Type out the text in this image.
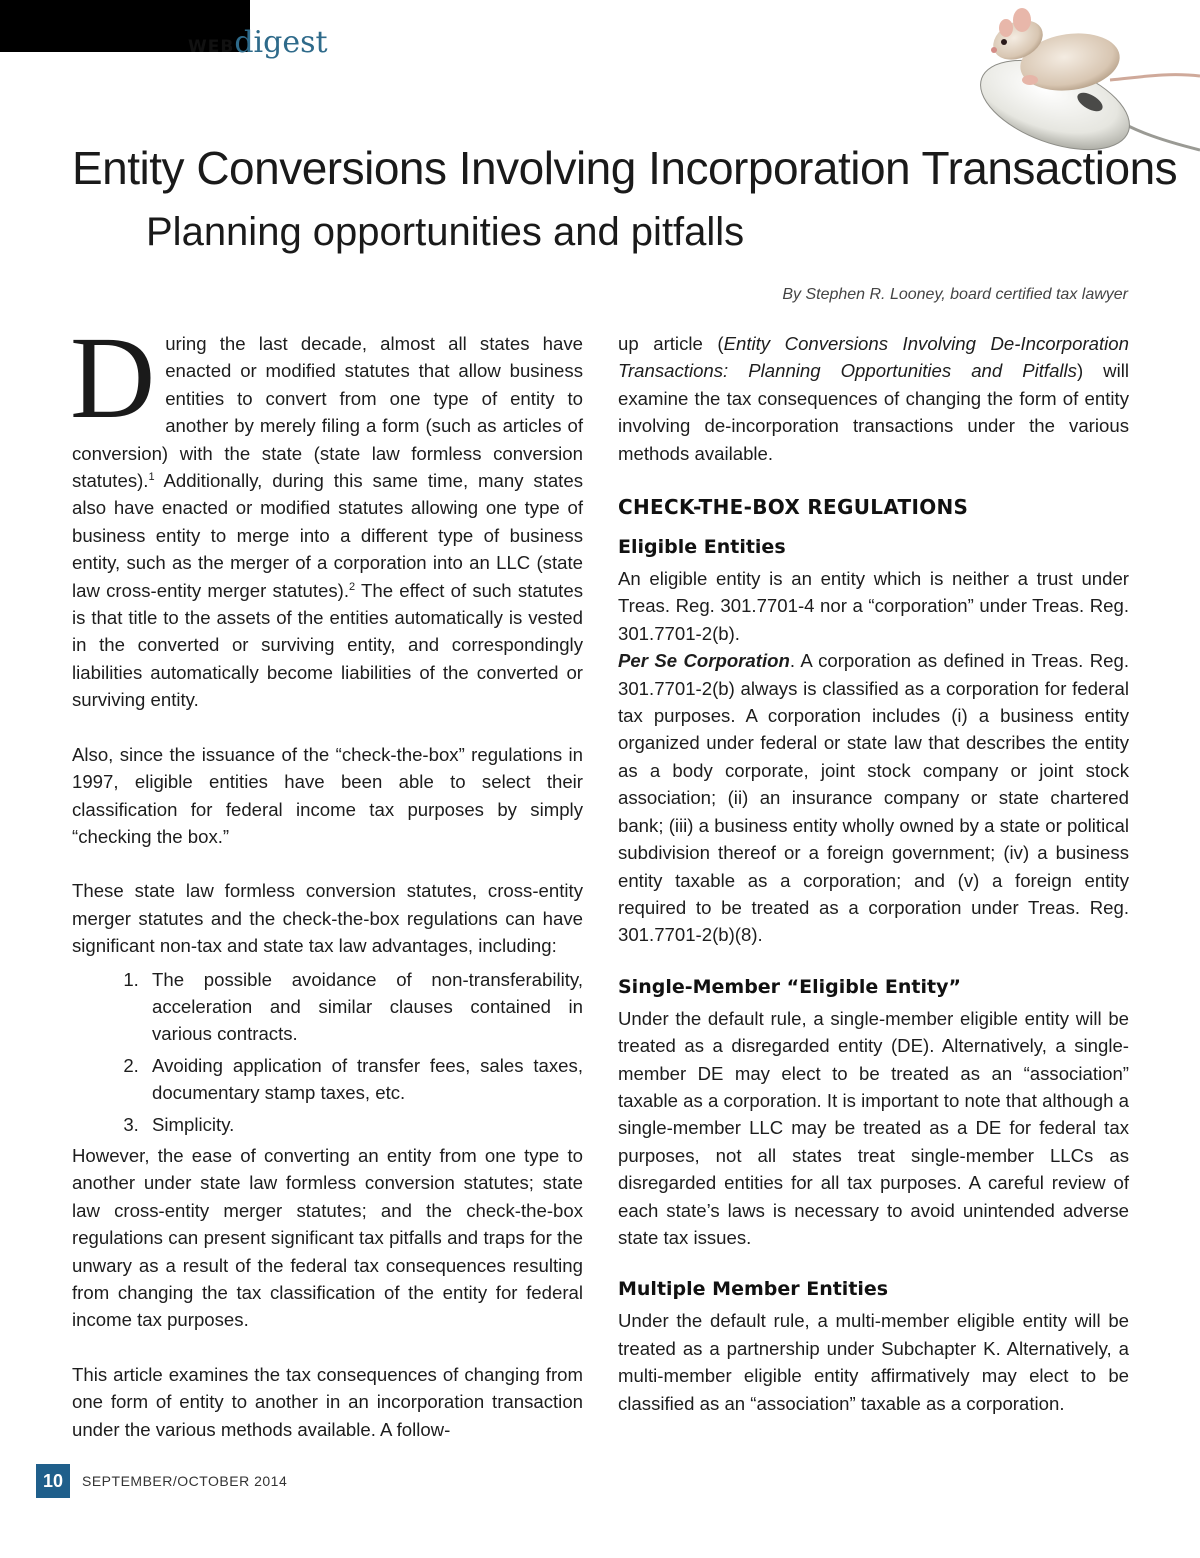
WEBdigest
Entity Conversions Involving Incorporation Transactions
Planning opportunities and pitfalls
By Stephen R. Looney, board certified tax lawyer

During the last decade, almost all states have enacted or modified statutes that allow business entities to convert from one type of entity to another by merely filing a form (such as articles of conversion) with the state (state law formless conversion statutes).$^1$ Additionally, during this same time, many states also have enacted or modified statutes allowing one type of business entity to merge into a different type of business entity, such as the merger of a corporation into an LLC (state law cross-entity merger statutes).$^2$ The effect of such statutes is that title to the assets of the entities automatically is vested in the converted or surviving entity, and correspondingly liabilities automatically become liabilities of the converted or surviving entity.

Also, since the issuance of the “check-the-box” regulations in 1997, eligible entities have been able to select their classification for federal income tax purposes by simply “checking the box.”

These state law formless conversion statutes, cross-entity merger statutes and the check-the-box regulations can have significant non-tax and state tax law advantages, including:

1. The possible avoidance of non-transferability, acceleration and similar clauses contained in various contracts.
2. Avoiding application of transfer fees, sales taxes, documentary stamp taxes, etc.
3. Simplicity.

However, the ease of converting an entity from one type to another under state law formless conversion statutes; state law cross-entity merger statutes; and the check-the-box regulations can present significant tax pitfalls and traps for the unwary as a result of the federal tax consequences resulting from changing the tax classification of the entity for federal income tax purposes.

This article examines the tax consequences of changing from one form of entity to another in an incorporation transaction under the various methods available. A follow-

up article (Entity Conversions Involving De-Incorporation Transactions: Planning Opportunities and Pitfalls) will examine the tax consequences of changing the form of entity involving de-incorporation transactions under the various methods available.

CHECK-THE-BOX REGULATIONS
Eligible Entities

An eligible entity is an entity which is neither a trust under Treas. Reg. 301.7701-4 nor a “corporation” under Treas. Reg. 301.7701-2(b).

Per Se Corporation. A corporation as defined in Treas. Reg. 301.7701-2(b) always is classified as a corporation for federal tax purposes. A corporation includes (i) a business entity organized under federal or state law that describes the entity as a body corporate, joint stock company or joint stock association; (ii) an insurance company or state chartered bank; (iii) a business entity wholly owned by a state or political subdivision thereof or a foreign government; (iv) a business entity taxable as a corporation; and (v) a foreign entity required to be treated as a corporation under Treas. Reg. 301.7701-2(b)(8).

Single-Member “Eligible Entity”

Under the default rule, a single-member eligible entity will be treated as a disregarded entity (DE). Alternatively, a single-member DE may elect to be treated as an “association” taxable as a corporation. It is important to note that although a single-member LLC may be treated as a DE for federal tax purposes, not all states treat single-member LLCs as disregarded entities for all tax purposes. A careful review of each state’s laws is necessary to avoid unintended adverse state tax issues.

Multiple Member Entities

Under the default rule, a multi-member eligible entity will be treated as a partnership under Subchapter K. Alternatively, a multi-member eligible entity affirmatively may elect to be classified as an “association” taxable as a corporation.

10	SEPTEMBER/OCTOBER 2014
